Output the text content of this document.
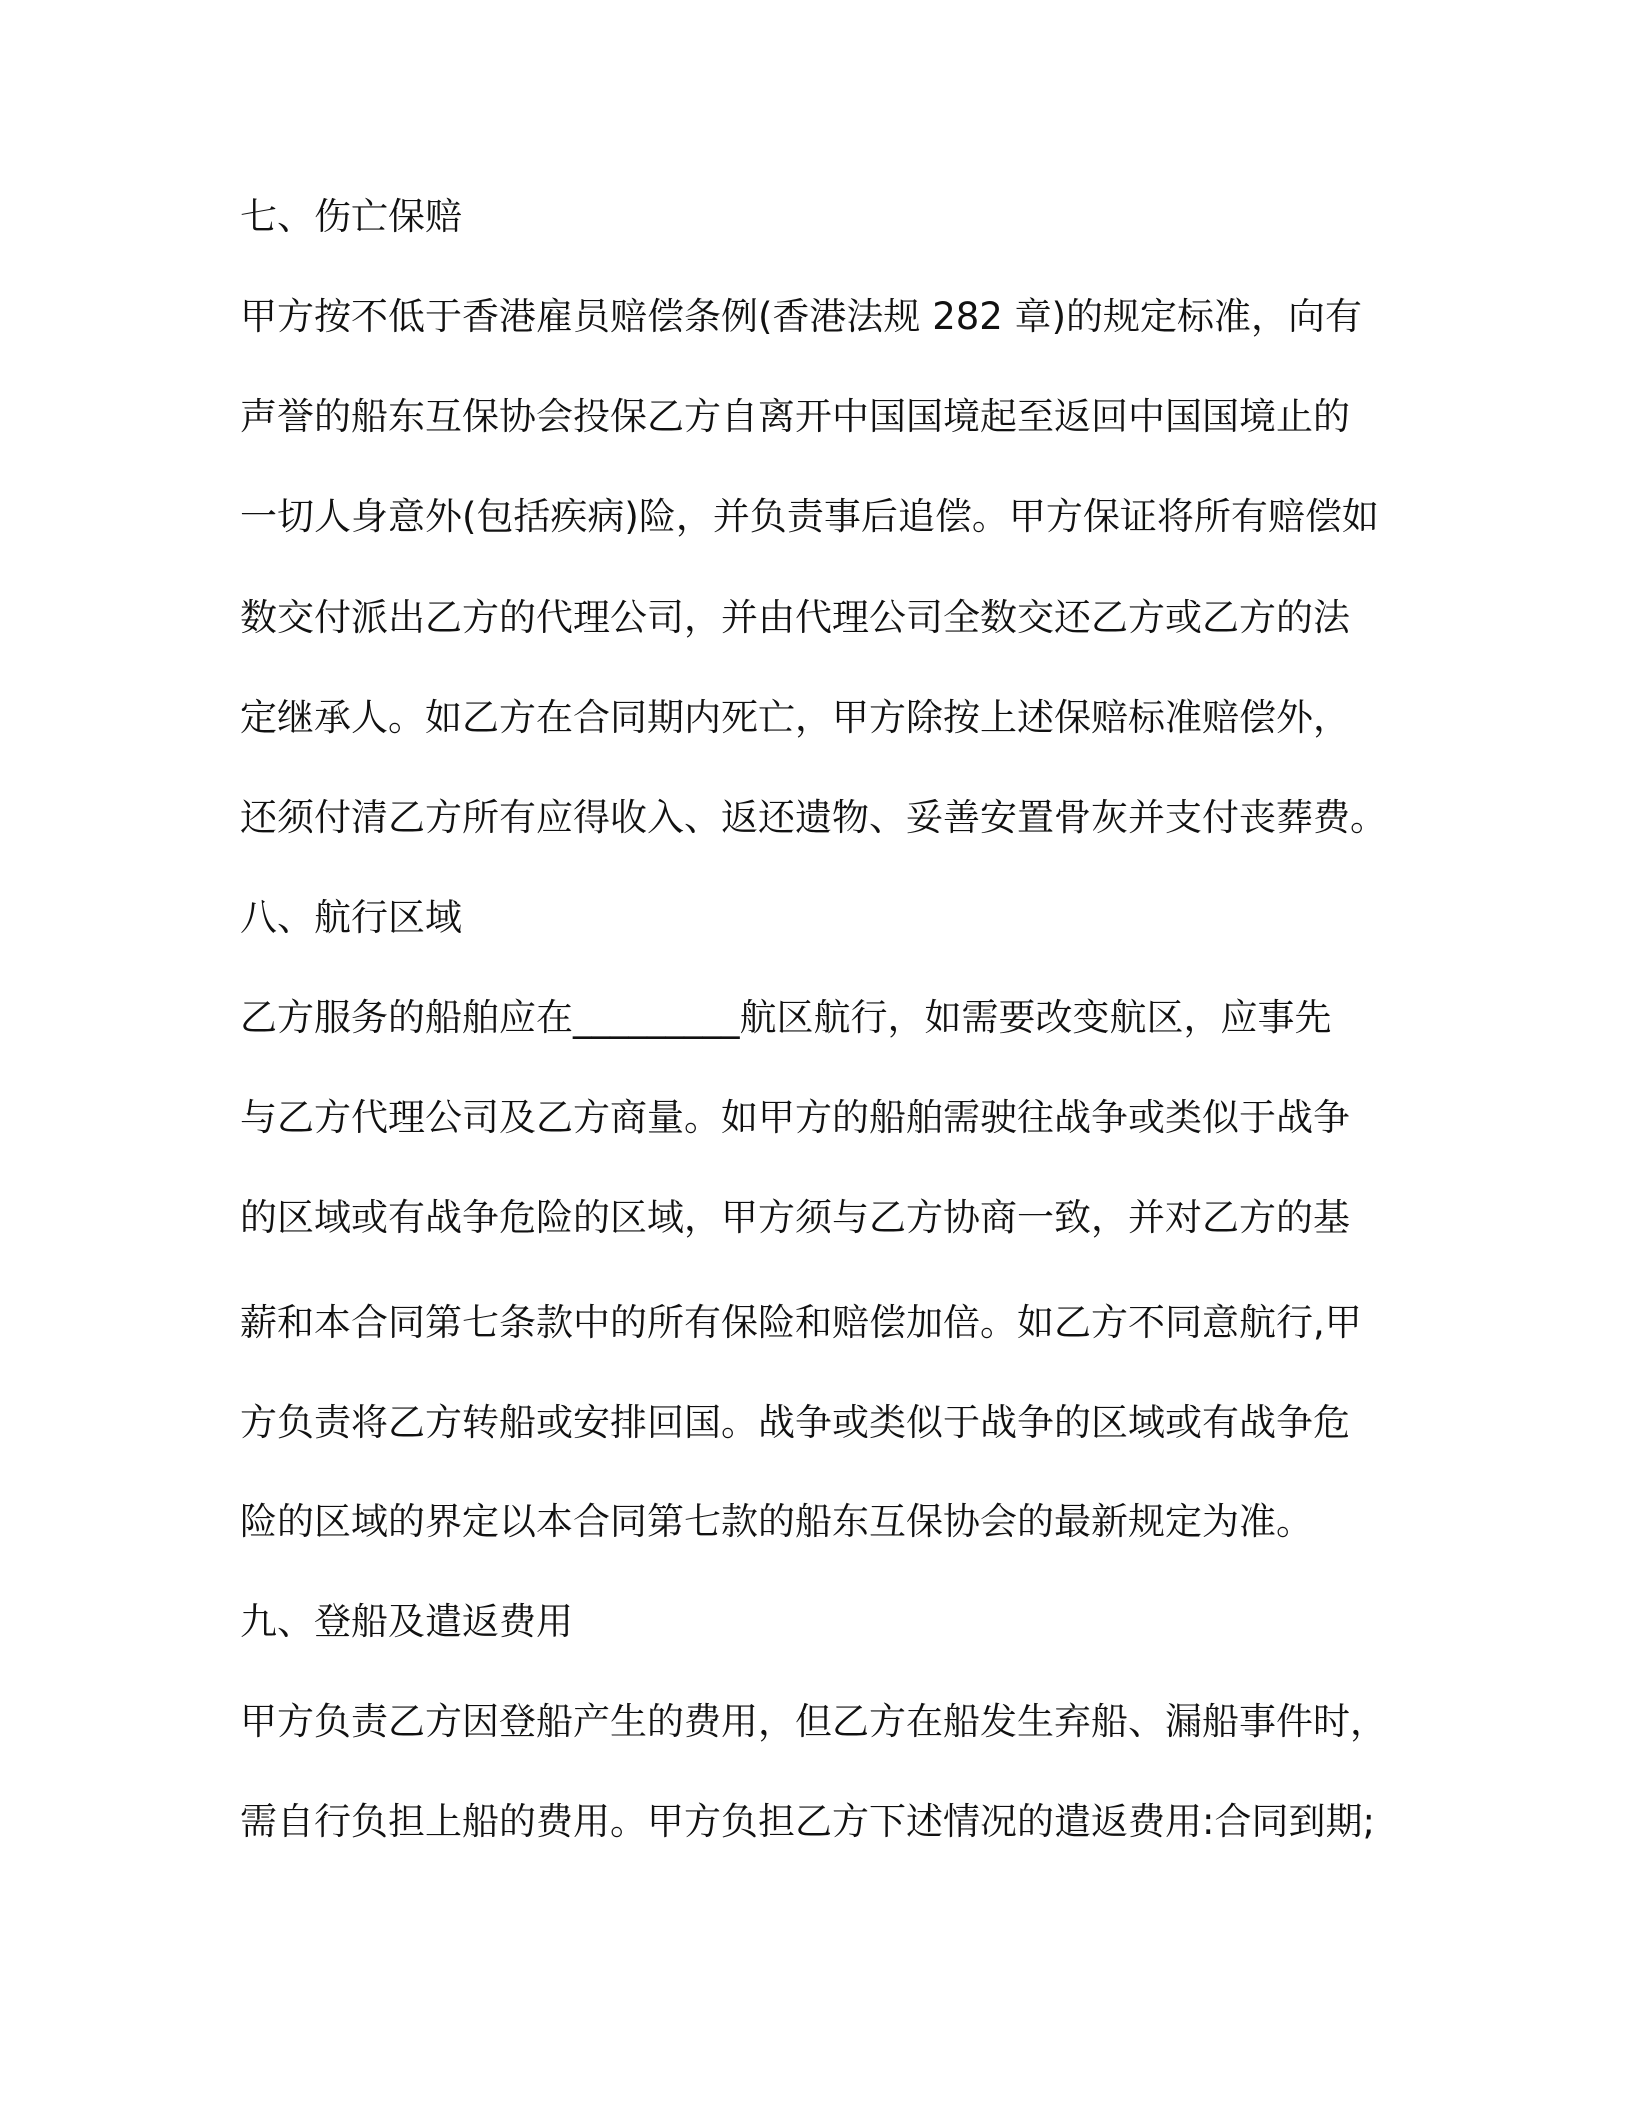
七、伤亡保赔
甲方按不低于香港雇员赔偿条例(香港法规 282 章)的规定标准，向有
声誉的船东互保协会投保乙方自离开中国国境起至返回中国国境止的
一切人身意外(包括疾病)险，并负责事后追偿。甲方保证将所有赔偿如
数交付派出乙方的代理公司，并由代理公司全数交还乙方或乙方的法
定继承人。如乙方在合同期内死亡，甲方除按上述保赔标准赔偿外，
还须付清乙方所有应得收入、返还遗物、妥善安置骨灰并支付丧葬费。
八、航行区域
乙方服务的船舶应在_________航区航行，如需要改变航区，应事先
与乙方代理公司及乙方商量。如甲方的船舶需驶往战争或类似于战争
的区域或有战争危险的区域，甲方须与乙方协商一致，并对乙方的基
薪和本合同第七条款中的所有保险和赔偿加倍。如乙方不同意航行,甲
方负责将乙方转船或安排回国。战争或类似于战争的区域或有战争危
险的区域的界定以本合同第七款的船东互保协会的最新规定为准。
九、登船及遣返费用
甲方负责乙方因登船产生的费用，但乙方在船发生弃船、漏船事件时，
需自行负担上船的费用。甲方负担乙方下述情况的遣返费用:合同到期;
